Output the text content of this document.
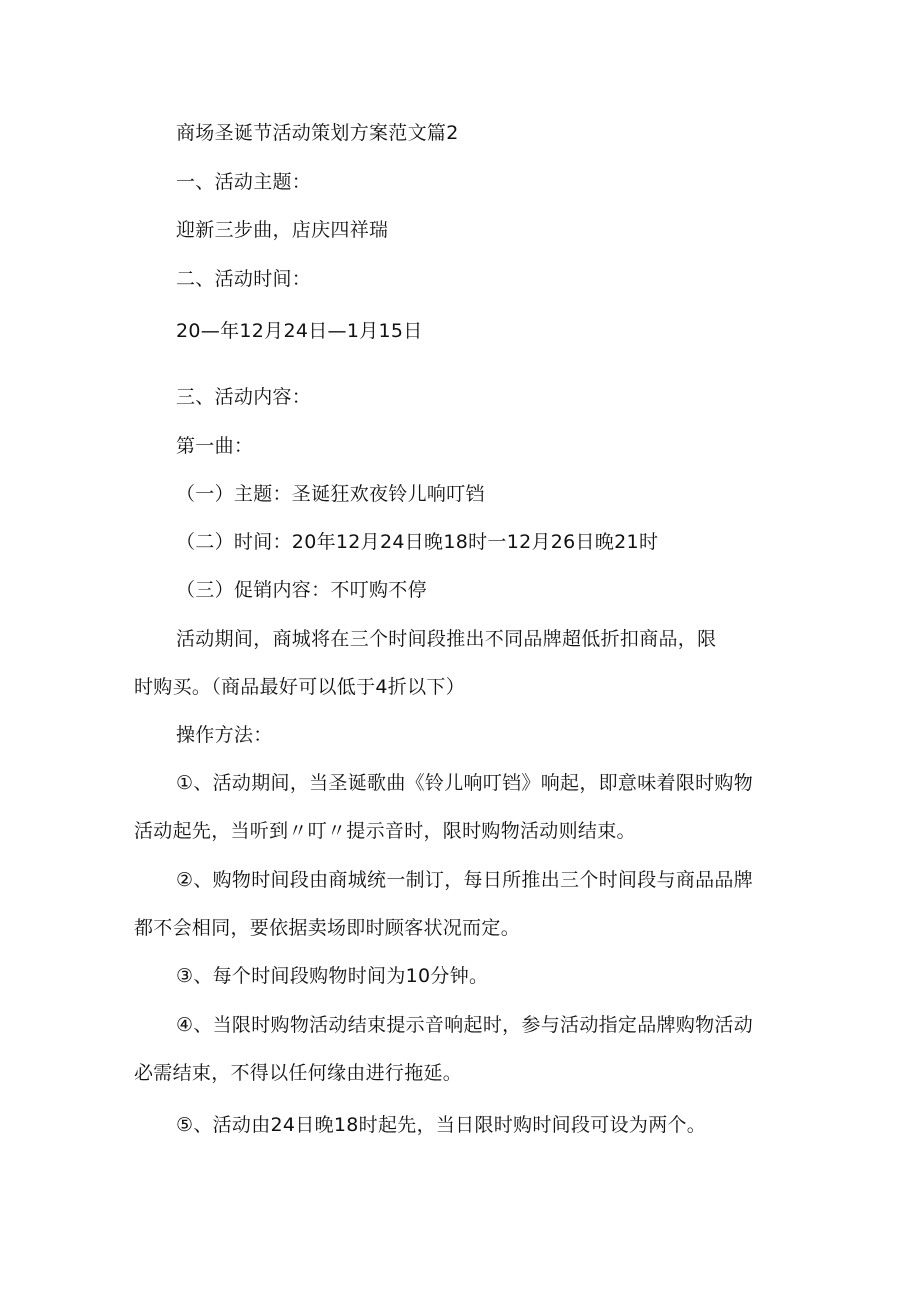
商场圣诞节活动策划方案范文篇2
一、活动主题：
迎新三步曲，店庆四祥瑞
二、活动时间：
20—年12月24日—1月15日
三、活动内容：
第一曲：
（一）主题：圣诞狂欢夜铃儿响叮铛
（二）时间：20年12月24日晚18时一12月26日晚21时
（三）促销内容：不叮购不停
活动期间，商城将在三个时间段推出不同品牌超低折扣商品，限
时购买。（商品最好可以低于4折以下）
操作方法：
①、活动期间，当圣诞歌曲《铃儿响叮铛》响起，即意味着限时购物
活动起先，当听到〃叮〃提示音时，限时购物活动则结束。
②、购物时间段由商城统一制订，每日所推出三个时间段与商品品牌
都不会相同，要依据卖场即时顾客状况而定。
③、每个时间段购物时间为10分钟。
④、当限时购物活动结束提示音响起时，参与活动指定品牌购物活动
必需结束，不得以任何缘由进行拖延。
⑤、活动由24日晚18时起先，当日限时购时间段可设为两个。
